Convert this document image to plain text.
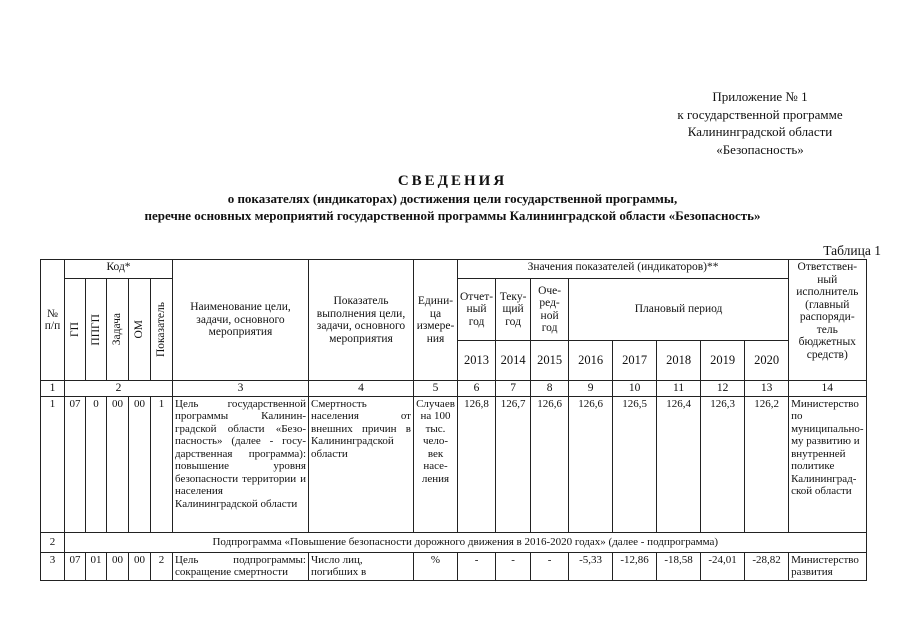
Приложение № 1
к государственной программе
Калининградской области
«Безопасность»
СВЕДЕНИЯ
о показателях (индикаторах) достижения цели государственной программы,
перечне основных мероприятий государственной программы Калининградской области «Безопасность»
Таблица 1
№ п/п	Код*					Наименование цели, задачи, основного мероприятия	Показатель выполнения цели, задачи, основного мероприятия	Едини-ца измере-ния	Значения показателей (индикаторов)**								Ответствен-ный исполнитель (главный распоряди-тель бюджетных средств)

	ГП	ППГП	Задача	ОМ	Показатель				Отчет-ный год	Теку-щий год	Оче-ред-ной год	Плановый период					
									2013	2014	2015	2016	2017	2018	2019	2020	
1	2					3	4	5	6	7	8	9	10	11	12	13	14
1	07	0	00	00	1	Цель государственной программы Калинин-градской области «Безо-пасность» (далее - госу-дарственная программа): повышение уровня безопасности территории и населения Калининградской области	Смертность населения от внешних причин в Калининградской области	Случаев на 100 тыс. чело-век насе-ления	126,8	126,7	126,6	126,6	126,5	126,4	126,3	126,2	Министерство по муниципально-му развитию и внутренней политике Калининград-ской области
2	Подпрограмма «Повышение безопасности дорожного движения в 2016-2020 годах» (далее - подпрограмма)																
3	07	01	00	00	2	Цель подпрограммы: сокращение смертности	Число лиц, погибших в	%	-	-	-	-5,33	-12,86	-18,58	-24,01	-28,82	Министерство развития
